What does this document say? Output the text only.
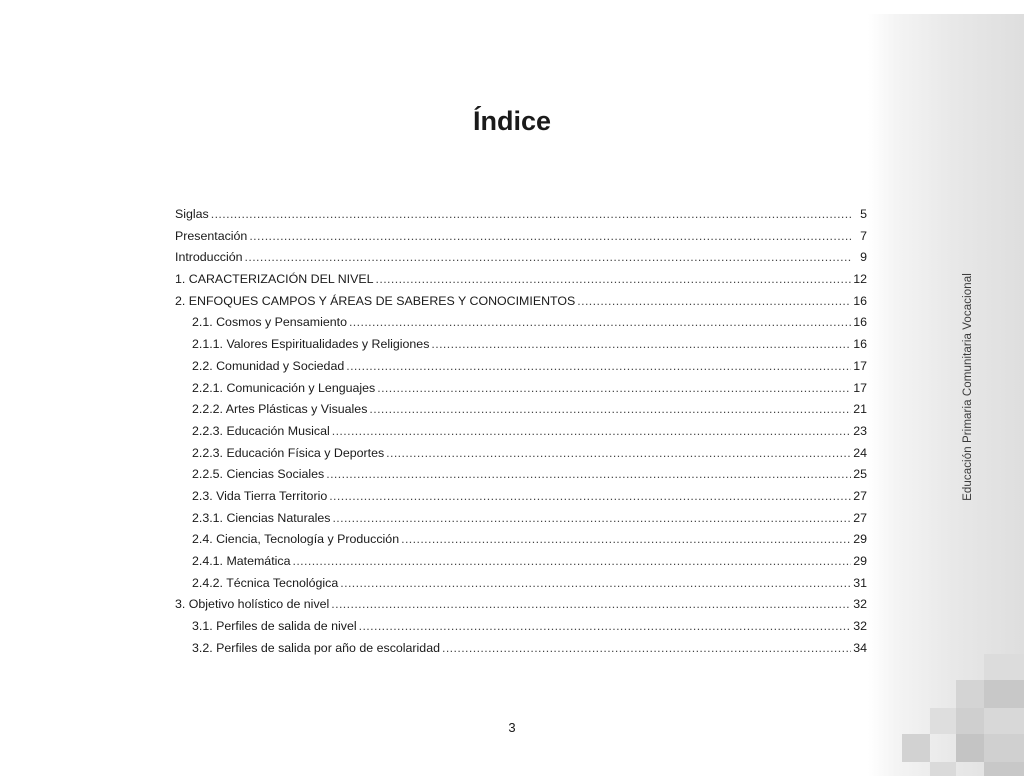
Educación Primaria Comunitaria Vocacional
Índice
Siglas .....	5
Presentación .....	7
Introducción .....	9
1. CARACTERIZACIÓN DEL NIVEL .....	12
2. ENFOQUES CAMPOS Y ÁREAS DE SABERES Y CONOCIMIENTOS .....	16
2.1. Cosmos y Pensamiento .....	16
2.1.1. Valores Espiritualidades y Religiones .....	16
2.2. Comunidad y Sociedad .....	17
2.2.1. Comunicación y Lenguajes .....	17
2.2.2. Artes Plásticas y Visuales .....	21
2.2.3. Educación Musical .....	23
2.2.3. Educación Física y Deportes .....	24
2.2.5. Ciencias Sociales .....	25
2.3. Vida Tierra Territorio .....	27
2.3.1. Ciencias Naturales .....	27
2.4. Ciencia, Tecnología y Producción .....	29
2.4.1. Matemática .....	29
2.4.2. Técnica Tecnológica .....	31
3. Objetivo holístico de nivel .....	32
3.1. Perfiles de salida de nivel .....	32
3.2. Perfiles de salida por año de escolaridad .....	34
3
